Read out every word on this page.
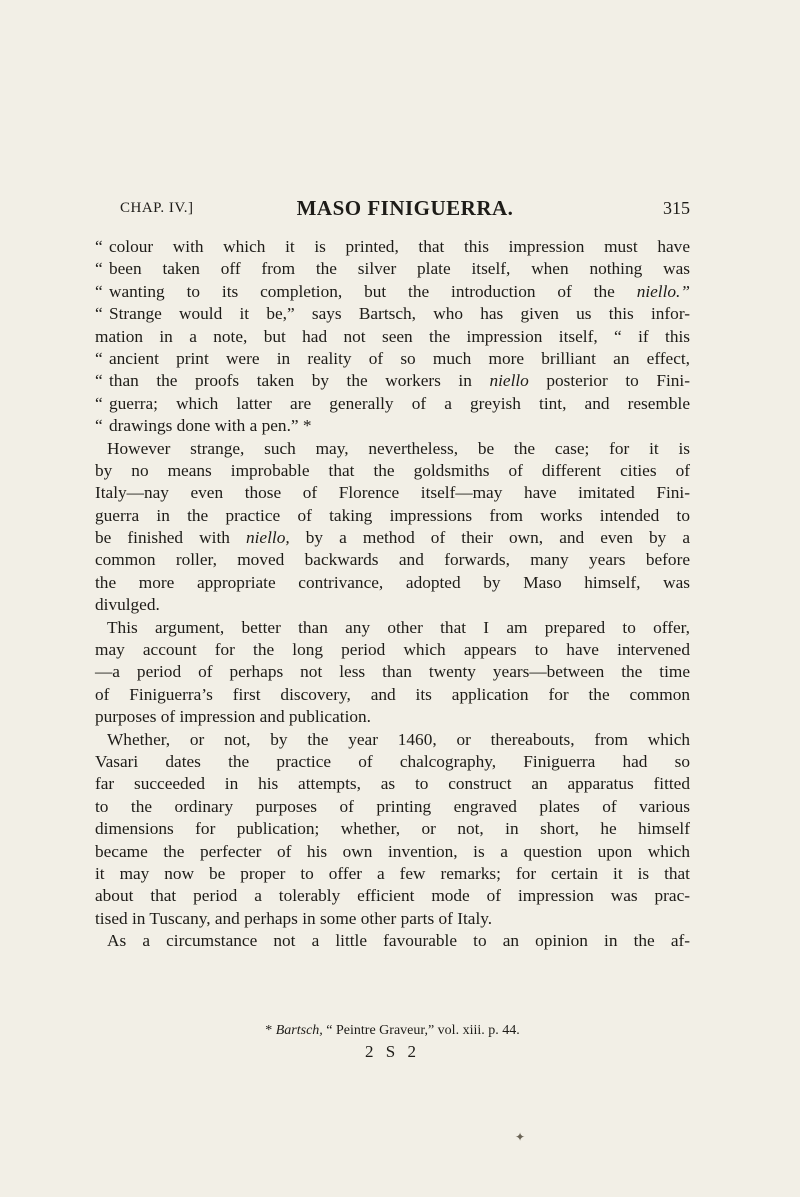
CHAP. IV.]	MASO FINIGUERRA.	315
“ colour with which it is printed, that this impression must have
“ been taken off from the silver plate itself, when nothing was
“ wanting to its completion, but the introduction of the niello.”
“ Strange would it be,” says Bartsch, who has given us this infor-
mation in a note, but had not seen the impression itself, “ if this
“ ancient print were in reality of so much more brilliant an effect,
“ than the proofs taken by the workers in niello posterior to Fini-
“ guerra; which latter are generally of a greyish tint, and resemble
“ drawings done with a pen.” *
However strange, such may, nevertheless, be the case; for it is
by no means improbable that the goldsmiths of different cities of
Italy—nay even those of Florence itself—may have imitated Fini-
guerra in the practice of taking impressions from works intended to
be finished with niello, by a method of their own, and even by a
common roller, moved backwards and forwards, many years before
the more appropriate contrivance, adopted by Maso himself, was
divulged.
This argument, better than any other that I am prepared to offer,
may account for the long period which appears to have intervened
—a period of perhaps not less than twenty years—between the time
of Finiguerra’s first discovery, and its application for the common
purposes of impression and publication.
Whether, or not, by the year 1460, or thereabouts, from which
Vasari dates the practice of chalcography, Finiguerra had so
far succeeded in his attempts, as to construct an apparatus fitted
to the ordinary purposes of printing engraved plates of various
dimensions for publication; whether, or not, in short, he himself
became the perfecter of his own invention, is a question upon which
it may now be proper to offer a few remarks; for certain it is that
about that period a tolerably efficient mode of impression was prac-
tised in Tuscany, and perhaps in some other parts of Italy.
As a circumstance not a little favourable to an opinion in the af-
* Bartsch, “ Peintre Graveur,” vol. xiii. p. 44.
2 S 2
✦
